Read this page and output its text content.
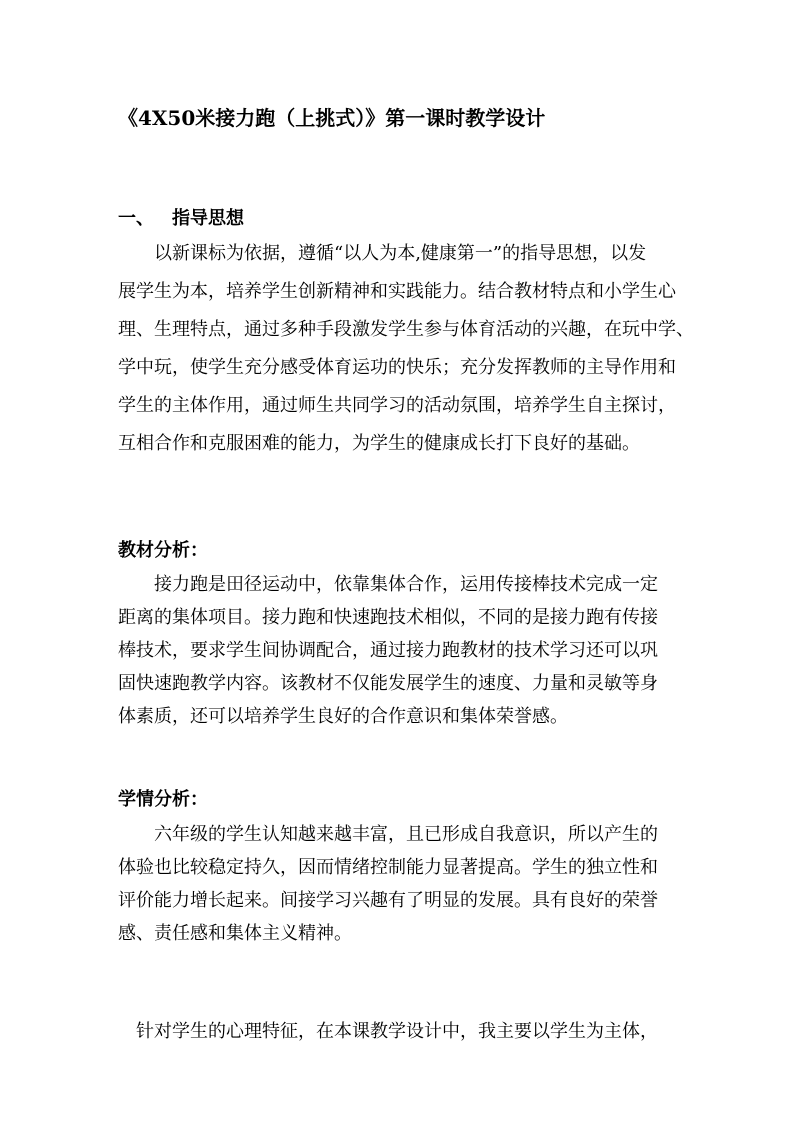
《4X50米接力跑（上挑式）》第一课时教学设计
一、 指导思想
　　以新课标为依据，遵循“以人为本,健康第一”的指导思想，以发
展学生为本，培养学生创新精神和实践能力。结合教材特点和小学生心
理、生理特点，通过多种手段激发学生参与体育活动的兴趣，在玩中学、
学中玩，使学生充分感受体育运功的快乐；充分发挥教师的主导作用和
学生的主体作用，通过师生共同学习的活动氛围，培养学生自主探讨，
互相合作和克服困难的能力，为学生的健康成长打下良好的基础。
教材分析：
　　接力跑是田径运动中，依靠集体合作，运用传接棒技术完成一定
距离的集体项目。接力跑和快速跑技术相似，不同的是接力跑有传接
棒技术，要求学生间协调配合，通过接力跑教材的技术学习还可以巩
固快速跑教学内容。该教材不仅能发展学生的速度、力量和灵敏等身
体素质，还可以培养学生良好的合作意识和集体荣誉感。
学情分析：
　　六年级的学生认知越来越丰富，且已形成自我意识，所以产生的
体验也比较稳定持久，因而情绪控制能力显著提高。学生的独立性和
评价能力增长起来。间接学习兴趣有了明显的发展。具有良好的荣誉
感、责任感和集体主义精神。
　针对学生的心理特征，在本课教学设计中，我主要以学生为主体，
